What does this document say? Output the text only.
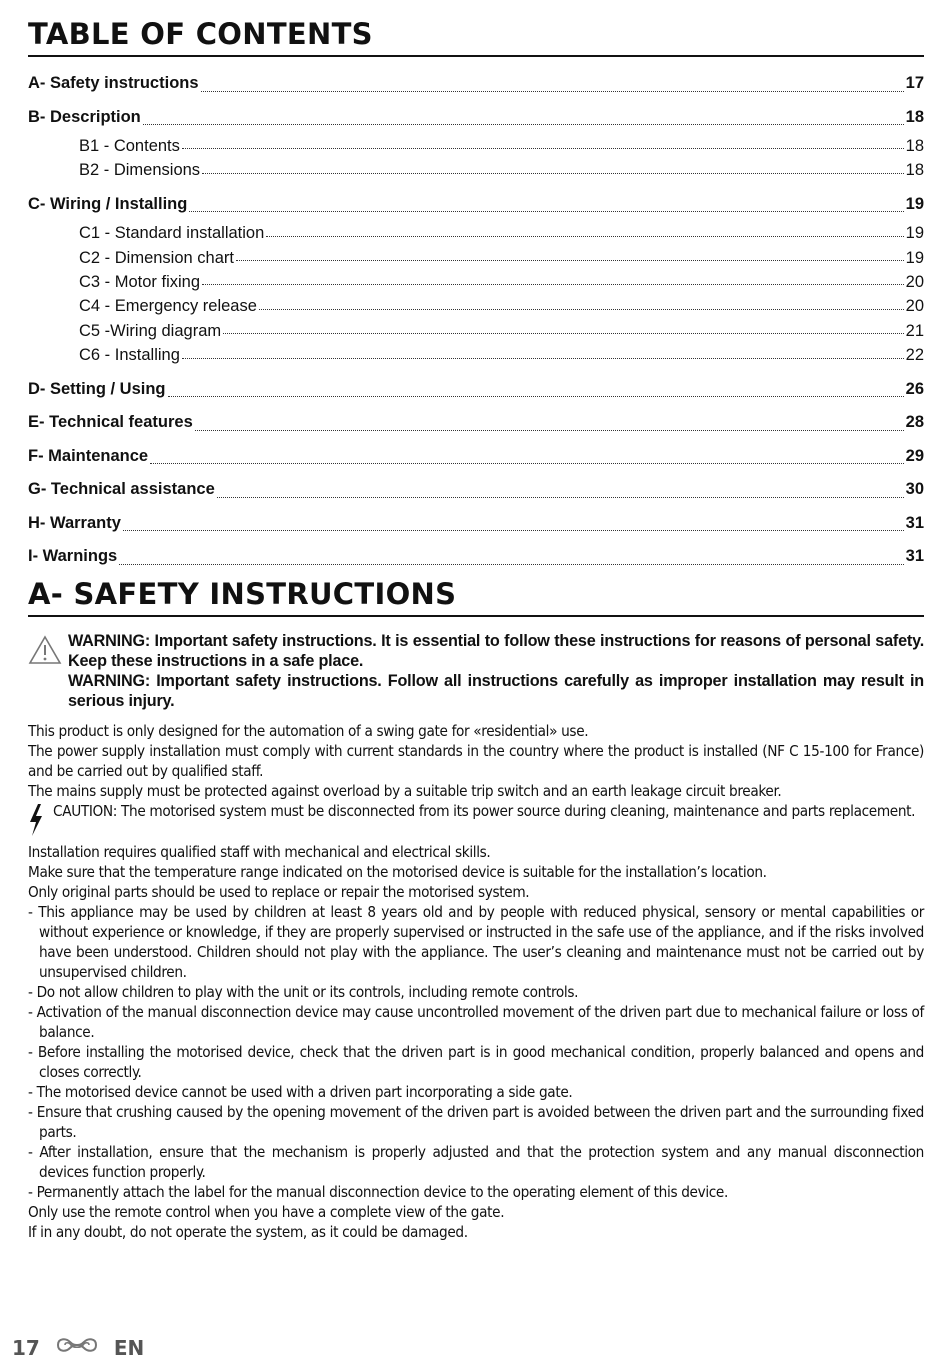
TABLE OF CONTENTS
A- Safety instructions	17
B- Description	18
B1 - Contents	18
B2 - Dimensions	18
C- Wiring / Installing	19
C1 - Standard installation	19
C2 - Dimension chart	19
C3 - Motor fixing	20
C4 - Emergency release	20
C5 -Wiring diagram	21
C6 - Installing	22
D- Setting / Using	26
E- Technical features	28
F- Maintenance	29
G- Technical assistance	30
H- Warranty	31
I- Warnings	31
A- SAFETY INSTRUCTIONS

WARNING: Important safety instructions. It is essential to follow these instructions for reasons of personal safety. Keep these instructions in a safe place.

WARNING: Important safety instructions. Follow all instructions carefully as improper installation may result in serious injury.

This product is only designed for the automation of a swing gate for «residential» use.

The power supply installation must comply with current standards in the country where the product is installed (NF C 15-100 for France) and be carried out by qualified staff.

The mains supply must be protected against overload by a suitable trip switch and an earth leakage circuit breaker.

CAUTION: The motorised system must be disconnected from its power source during cleaning, maintenance and parts replacement.

Installation requires qualified staff with mechanical and electrical skills.

Make sure that the temperature range indicated on the motorised device is suitable for the installation’s location.

Only original parts should be used to replace or repair the motorised system.

- This appliance may be used by children at least 8 years old and by people with reduced physical, sensory or mental capabilities or without experience or knowledge, if they are properly supervised or instructed in the safe use of the appliance, and if the risks involved have been understood. Children should not play with the appliance. The user’s cleaning and maintenance must not be carried out by unsupervised children.

- Do not allow children to play with the unit or its controls, including remote controls.

- Activation of the manual disconnection device may cause uncontrolled movement of the driven part due to mechanical failure or loss of balance.

- Before installing the motorised device, check that the driven part is in good mechanical condition, properly balanced and opens and closes correctly.

- The motorised device cannot be used with a driven part incorporating a side gate.

- Ensure that crushing caused by the opening movement of the driven part is avoided between the driven part and the surrounding fixed parts.

- After installation, ensure that the mechanism is properly adjusted and that the protection system and any manual disconnection devices function properly.

- Permanently attach the label for the manual disconnection device to the operating element of this device.

Only use the remote control when you have a complete view of the gate.

If in any doubt, do not operate the system, as it could be damaged.

17	EN
